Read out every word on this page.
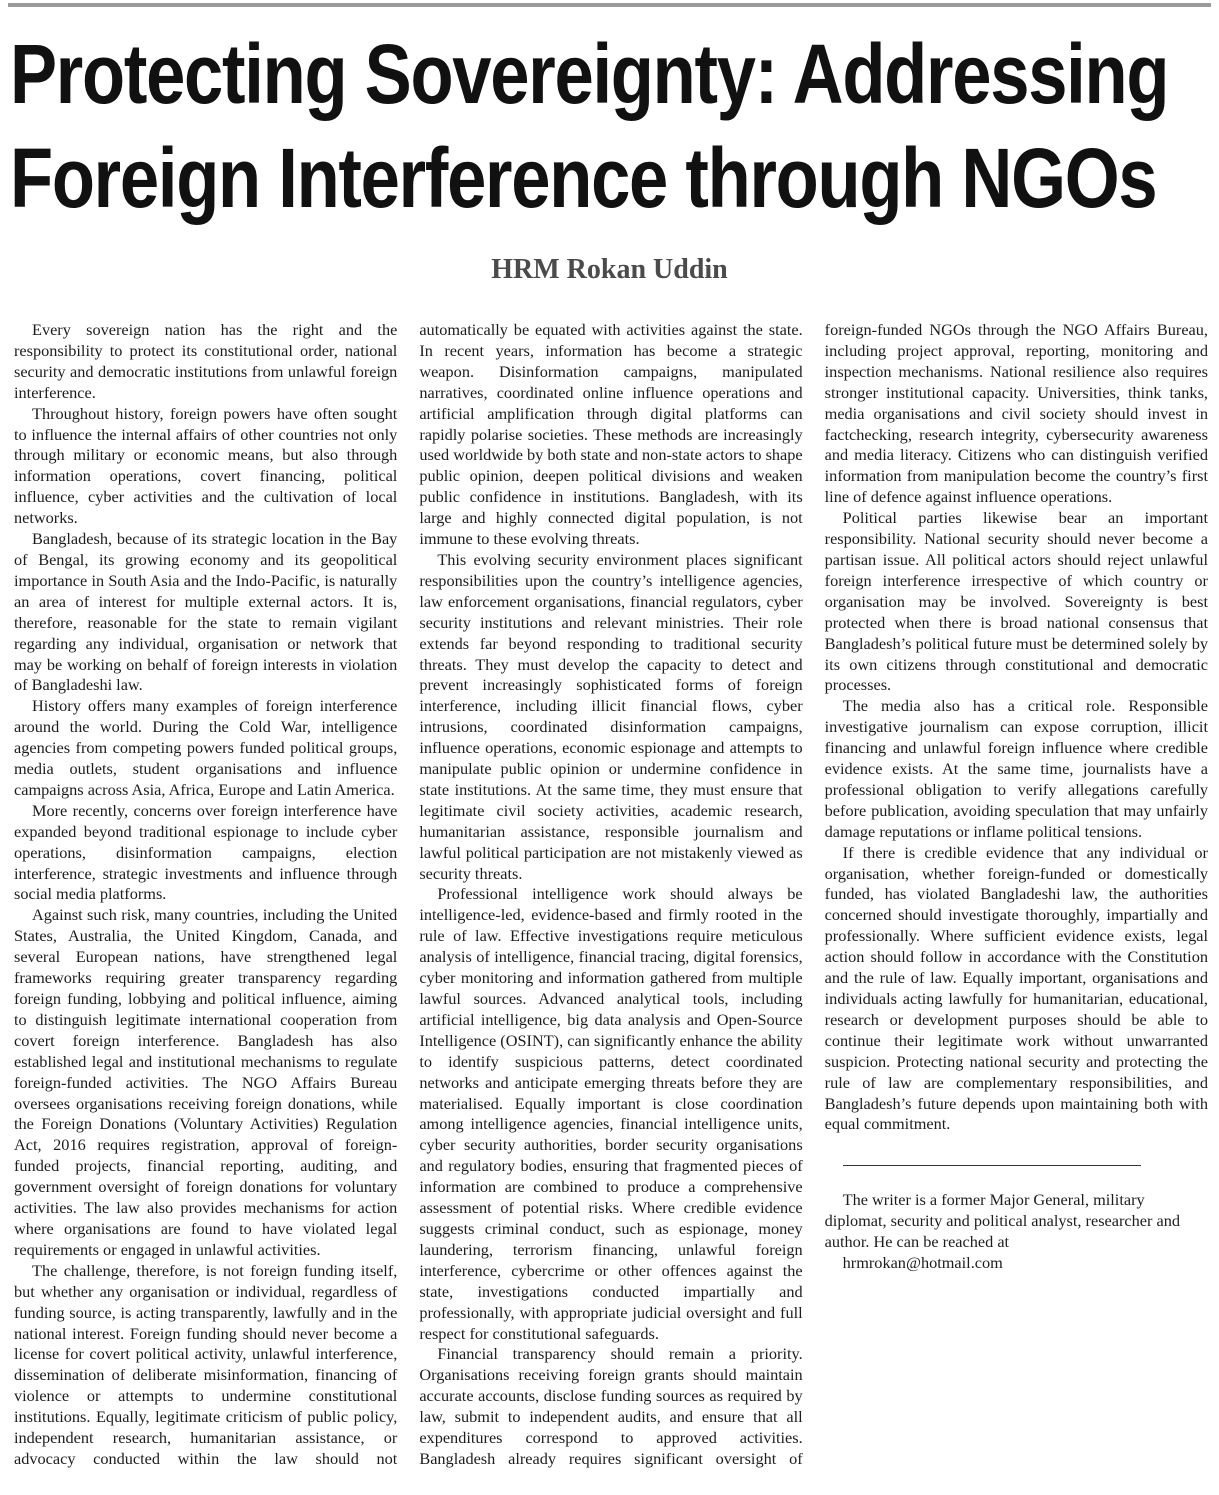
Protecting Sovereignty: Addressing
Foreign Interference through NGOs
HRM Rokan Uddin

Every sovereign nation has the right and the responsibility to protect its constitutional order, national security and democratic institutions from unlawful foreign interference.

Throughout history, foreign powers have often sought to influence the internal affairs of other countries not only through military or economic means, but also through information operations, covert financing, political influence, cyber activities and the cultivation of local networks.

Bangladesh, because of its strategic location in the Bay of Bengal, its growing economy and its geopolitical importance in South Asia and the Indo-Pacific, is naturally an area of interest for multiple external actors. It is, therefore, reasonable for the state to remain vigilant regarding any individual, organisation or network that may be working on behalf of foreign interests in violation of Bangladeshi law.

History offers many examples of foreign interference around the world. During the Cold War, intelligence agencies from competing powers funded political groups, media outlets, student organisations and influence campaigns across Asia, Africa, Europe and Latin America.

More recently, concerns over foreign interference have expanded beyond traditional espionage to include cyber operations, disinformation campaigns, election interference, strategic investments and influence through social media platforms.

Against such risk, many countries, including the United States, Australia, the United Kingdom, Canada, and several European nations, have strengthened legal frameworks requiring greater transparency regarding foreign funding, lobbying and political influence, aiming to distinguish legitimate international cooperation from covert foreign interference. Bangladesh has also established legal and institutional mechanisms to regulate foreign-funded activities. The NGO Affairs Bureau oversees organisations receiving foreign donations, while the Foreign Donations (Voluntary Activities) Regulation Act, 2016 requires registration, approval of foreign-funded projects, financial reporting, auditing, and government oversight of foreign donations for voluntary activities. The law also provides mechanisms for action where organisations are found to have violated legal requirements or engaged in unlawful activities.

The challenge, therefore, is not foreign funding itself, but whether any organisation or individual, regardless of funding source, is acting transparently, lawfully and in the national interest. Foreign funding should never become a license for covert political activity, unlawful interference, dissemination of deliberate misinformation, financing of violence or attempts to undermine constitutional institutions. Equally, legitimate criticism of public policy, independent research, humanitarian assistance, or advocacy conducted within the law should not automatically be equated with activities against the state. In recent years, information has become a strategic weapon. Disinformation campaigns, manipulated narratives, coordinated online influence operations and artificial amplification through digital platforms can rapidly polarise societies. These methods are increasingly used worldwide by both state and non-state actors to shape public opinion, deepen political divisions and weaken public confidence in institutions. Bangladesh, with its large and highly connected digital population, is not immune to these evolving threats.

This evolving security environment places significant responsibilities upon the country’s intelligence agencies, law enforcement organisations, financial regulators, cyber security institutions and relevant ministries. Their role extends far beyond responding to traditional security threats. They must develop the capacity to detect and prevent increasingly sophisticated forms of foreign interference, including illicit financial flows, cyber intrusions, coordinated disinformation campaigns, influence operations, economic espionage and attempts to manipulate public opinion or undermine confidence in state institutions. At the same time, they must ensure that legitimate civil society activities, academic research, humanitarian assistance, responsible journalism and lawful political participation are not mistakenly viewed as security threats.

Professional intelligence work should always be intelligence-led, evidence-based and firmly rooted in the rule of law. Effective investigations require meticulous analysis of intelligence, financial tracing, digital forensics, cyber monitoring and information gathered from multiple lawful sources. Advanced analytical tools, including artificial intelligence, big data analysis and Open-Source Intelligence (OSINT), can significantly enhance the ability to identify suspicious patterns, detect coordinated networks and anticipate emerging threats before they are materialised. Equally important is close coordination among intelligence agencies, financial intelligence units, cyber security authorities, border security organisations and regulatory bodies, ensuring that fragmented pieces of information are combined to produce a comprehensive assessment of potential risks. Where credible evidence suggests criminal conduct, such as espionage, money laundering, terrorism financing, unlawful foreign interference, cybercrime or other offences against the state, investigations conducted impartially and professionally, with appropriate judicial oversight and full respect for constitutional safeguards.

Financial transparency should remain a priority. Organisations receiving foreign grants should maintain accurate accounts, disclose funding sources as required by law, submit to independent audits, and ensure that all expenditures correspond to approved activities. Bangladesh already requires significant oversight of foreign-funded NGOs through the NGO Affairs Bureau, including project approval, reporting, monitoring and inspection mechanisms. National resilience also requires stronger institutional capacity. Universities, think tanks, media organisations and civil society should invest in factchecking, research integrity, cybersecurity awareness and media literacy. Citizens who can distinguish verified information from manipulation become the country’s first line of defence against influence operations.

Political parties likewise bear an important responsibility. National security should never become a partisan issue. All political actors should reject unlawful foreign interference irrespective of which country or organisation may be involved. Sovereignty is best protected when there is broad national consensus that Bangladesh’s political future must be determined solely by its own citizens through constitutional and democratic processes.

The media also has a critical role. Responsible investigative journalism can expose corruption, illicit financing and unlawful foreign influence where credible evidence exists. At the same time, journalists have a professional obligation to verify allegations carefully before publication, avoiding speculation that may unfairly damage reputations or inflame political tensions.

If there is credible evidence that any individual or organisation, whether foreign-funded or domestically funded, has violated Bangladeshi law, the authorities concerned should investigate thoroughly, impartially and professionally. Where sufficient evidence exists, legal action should follow in accordance with the Constitution and the rule of law. Equally important, organisations and individuals acting lawfully for humanitarian, educational, research or development purposes should be able to continue their legitimate work without unwarranted suspicion. Protecting national security and protecting the rule of law are complementary responsibilities, and Bangladesh’s future depends upon maintaining both with equal commitment.

The writer is a former Major General, military diplomat, security and political analyst, researcher and author. He can be reached at

hrmrokan@hotmail.com
